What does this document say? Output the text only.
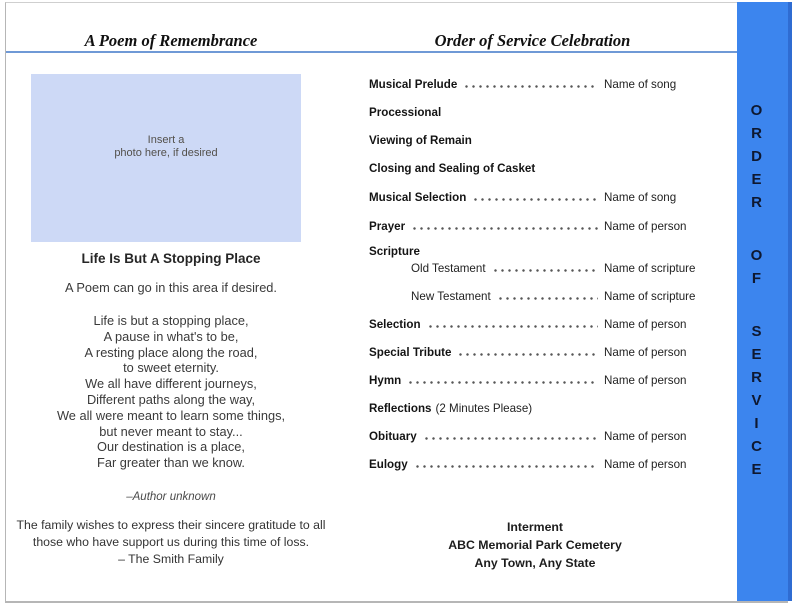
A Poem of Remembrance	Order of Service Celebration
Insert a
photo here, if desired
Life Is But A Stopping Place
A Poem can go in this area if desired.
Life is but a stopping place,
A pause in what's to be,
A resting place along the road,
to sweet eternity.
We all have different journeys,
Different paths along the way,
We all were meant to learn some things,
but never meant to stay...
Our destination is a place,
Far greater than we know.
–Author unknown
The family wishes to express their sincere gratitude to all
those who have support us during this time of loss.
– The Smith Family
Musical Prelude	Name of song
Processional
Viewing of Remain
Closing and Sealing of Casket
Musical Selection	Name of song
Prayer	Name of person
Scripture
Old Testament	Name of scripture
New Testament	Name of scripture
Selection	Name of person
Special Tribute	Name of person
Hymn	Name of person
Reflections (2 Minutes Please)
Obituary	Name of person
Eulogy	Name of person
Interment
ABC Memorial Park Cemetery
Any Town, Any State
O
R
D
E
R
O
F
S
E
R
V
I
C
E
